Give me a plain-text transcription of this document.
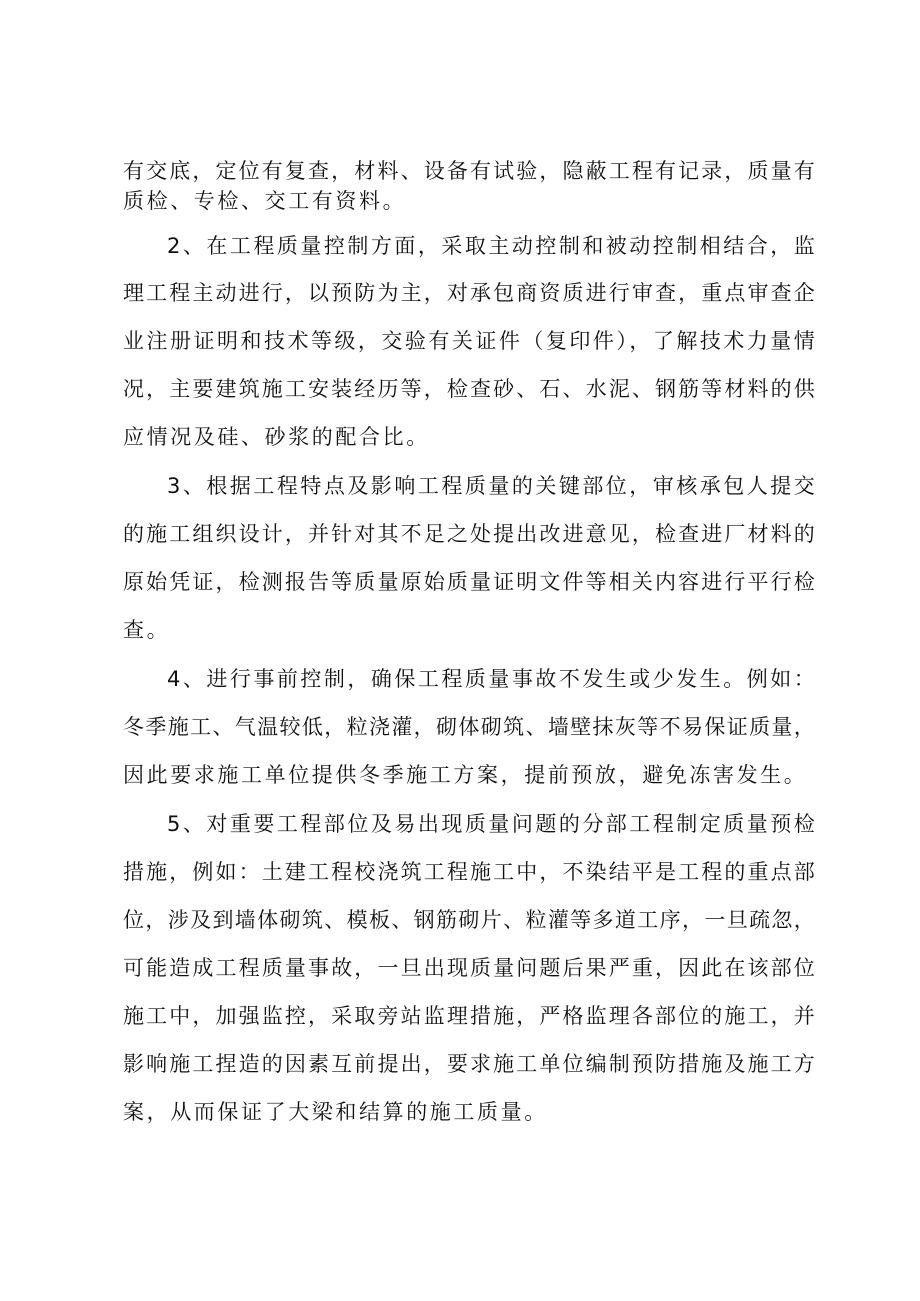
有交底，定位有复查，材料、设备有试验，隐蔽工程有记录，质量有
质检、专检、交工有资料。
2、在工程质量控制方面，采取主动控制和被动控制相结合，监
理工程主动进行，以预防为主，对承包商资质进行审查，重点审查企
业注册证明和技术等级，交验有关证件（复印件），了解技术力量情
况，主要建筑施工安装经历等，检查砂、石、水泥、钢筋等材料的供
应情况及硅、砂浆的配合比。
3、根据工程特点及影响工程质量的关键部位，审核承包人提交
的施工组织设计，并针对其不足之处提出改进意见，检查进厂材料的
原始凭证，检测报告等质量原始质量证明文件等相关内容进行平行检
查。
4、进行事前控制，确保工程质量事故不发生或少发生。例如：
冬季施工、气温较低，粒浇灌，砌体砌筑、墙壁抹灰等不易保证质量，
因此要求施工单位提供冬季施工方案，提前预放，避免冻害发生。
5、对重要工程部位及易出现质量问题的分部工程制定质量预检
措施，例如：土建工程校浇筑工程施工中，不染结平是工程的重点部
位，涉及到墙体砌筑、模板、钢筋砌片、粒灌等多道工序，一旦疏忽，
可能造成工程质量事故，一旦出现质量问题后果严重，因此在该部位
施工中，加强监控，采取旁站监理措施，严格监理各部位的施工，并
影响施工捏造的因素互前提出，要求施工单位编制预防措施及施工方
案，从而保证了大梁和结算的施工质量。
